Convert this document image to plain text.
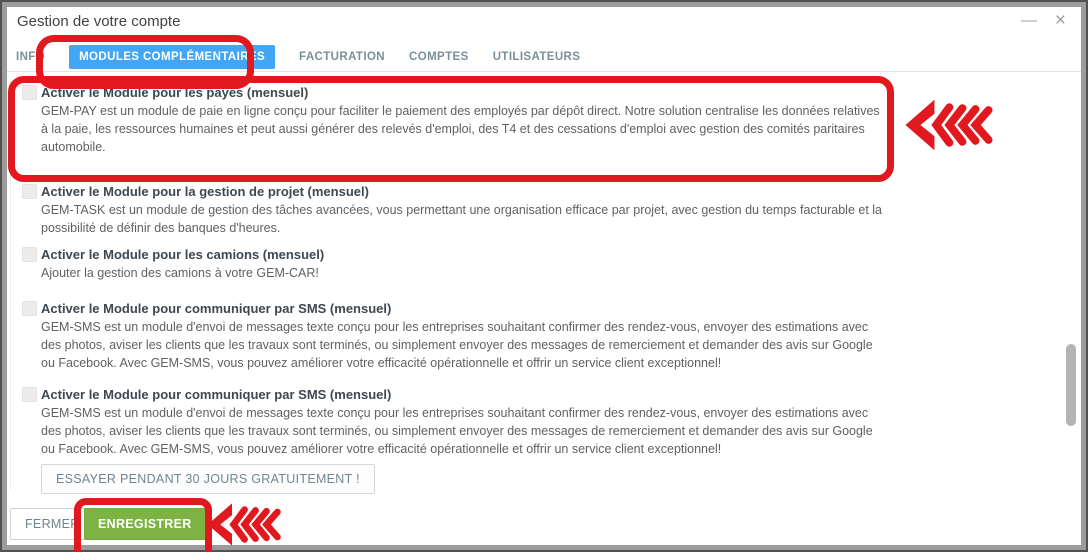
Gestion de votre compte	— ×
INFO	MODULES COMPLÉMENTAIRES	FACTURATION COMPTES UTILISATEURS
Activer le Module pour les payes (mensuel)
GEM-PAY est un module de paie en ligne conçu pour faciliter le paiement des employés par dépôt direct. Notre solution centralise les données relatives à la paie, les ressources humaines et peut aussi générer des relevés d'emploi, des T4 et des cessations d'emploi avec gestion des comités paritaires automobile.
Activer le Module pour la gestion de projet (mensuel)
GEM-TASK est un module de gestion des tâches avancées, vous permettant une organisation efficace par projet, avec gestion du temps facturable et la possibilité de définir des banques d'heures.
Activer le Module pour les camions (mensuel)
Ajouter la gestion des camions à votre GEM-CAR!
Activer le Module pour communiquer par SMS (mensuel)
GEM-SMS est un module d'envoi de messages texte conçu pour les entreprises souhaitant confirmer des rendez-vous, envoyer des estimations avec des photos, aviser les clients que les travaux sont terminés, ou simplement envoyer des messages de remerciement et demander des avis sur Google ou Facebook. Avec GEM-SMS, vous pouvez améliorer votre efficacité opérationnelle et offrir un service client exceptionnel!
Activer le Module pour communiquer par SMS (mensuel)
GEM-SMS est un module d'envoi de messages texte conçu pour les entreprises souhaitant confirmer des rendez-vous, envoyer des estimations avec des photos, aviser les clients que les travaux sont terminés, ou simplement envoyer des messages de remerciement et demander des avis sur Google ou Facebook. Avec GEM-SMS, vous pouvez améliorer votre efficacité opérationnelle et offrir un service client exceptionnel!
ESSAYER PENDANT 30 JOURS GRATUITEMENT !
FERMER	ENREGISTRER
